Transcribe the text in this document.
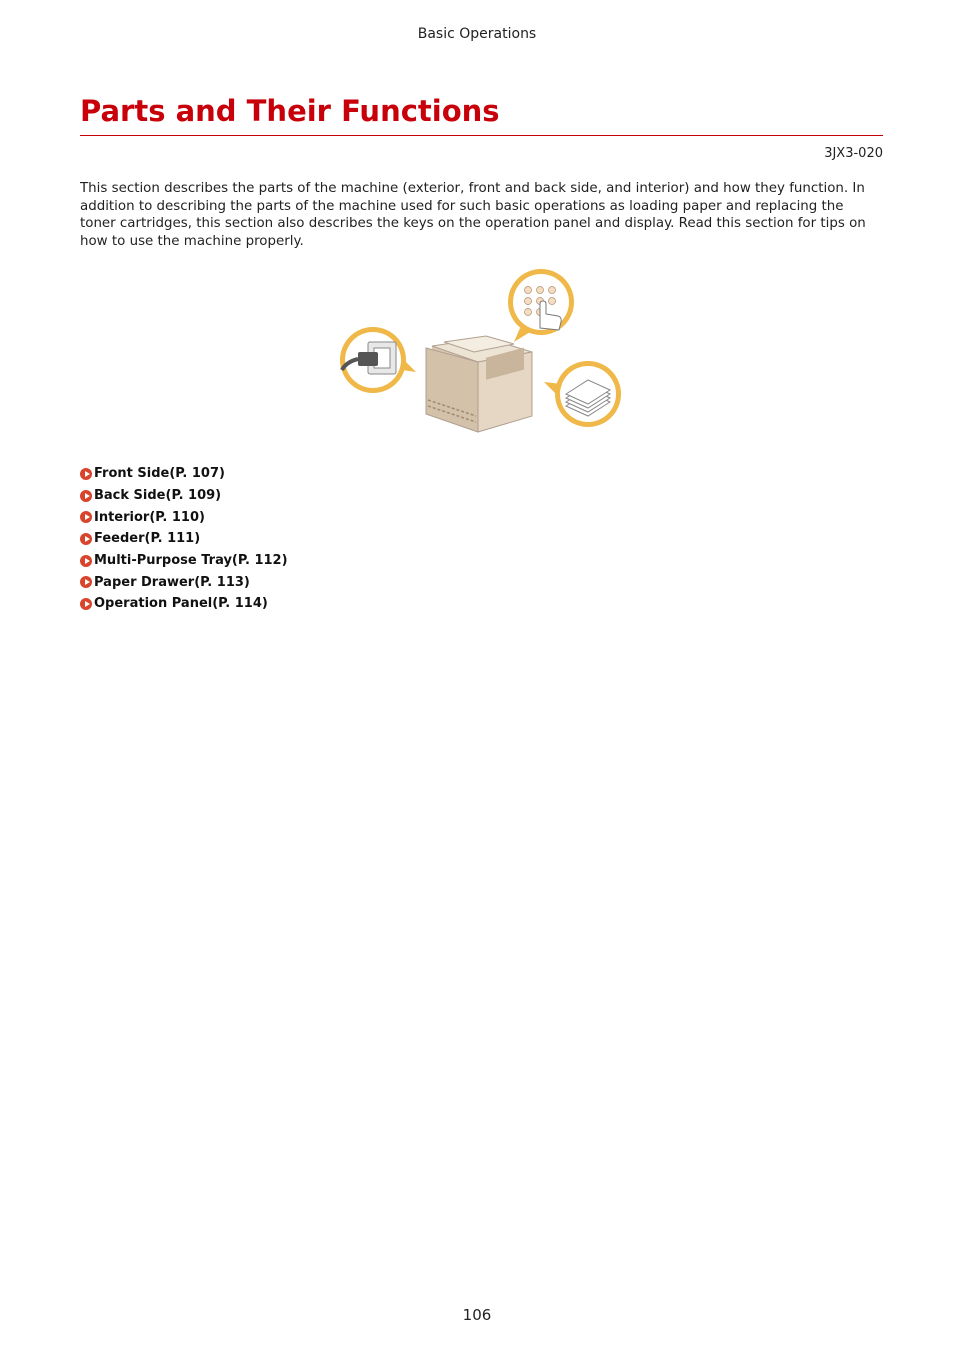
Basic Operations
Parts and Their Functions
3JX3-020

This section describes the parts of the machine (exterior, front and back side, and interior) and how they function. In addition to describing the parts of the machine used for such basic operations as loading paper and replacing the toner cartridges, this section also describes the keys on the operation panel and display. Read this section for tips on how to use the machine properly.

Front Side(P. 107)
Back Side(P. 109)
Interior(P. 110)
Feeder(P. 111)
Multi-Purpose Tray(P. 112)
Paper Drawer(P. 113)
Operation Panel(P. 114)
106
